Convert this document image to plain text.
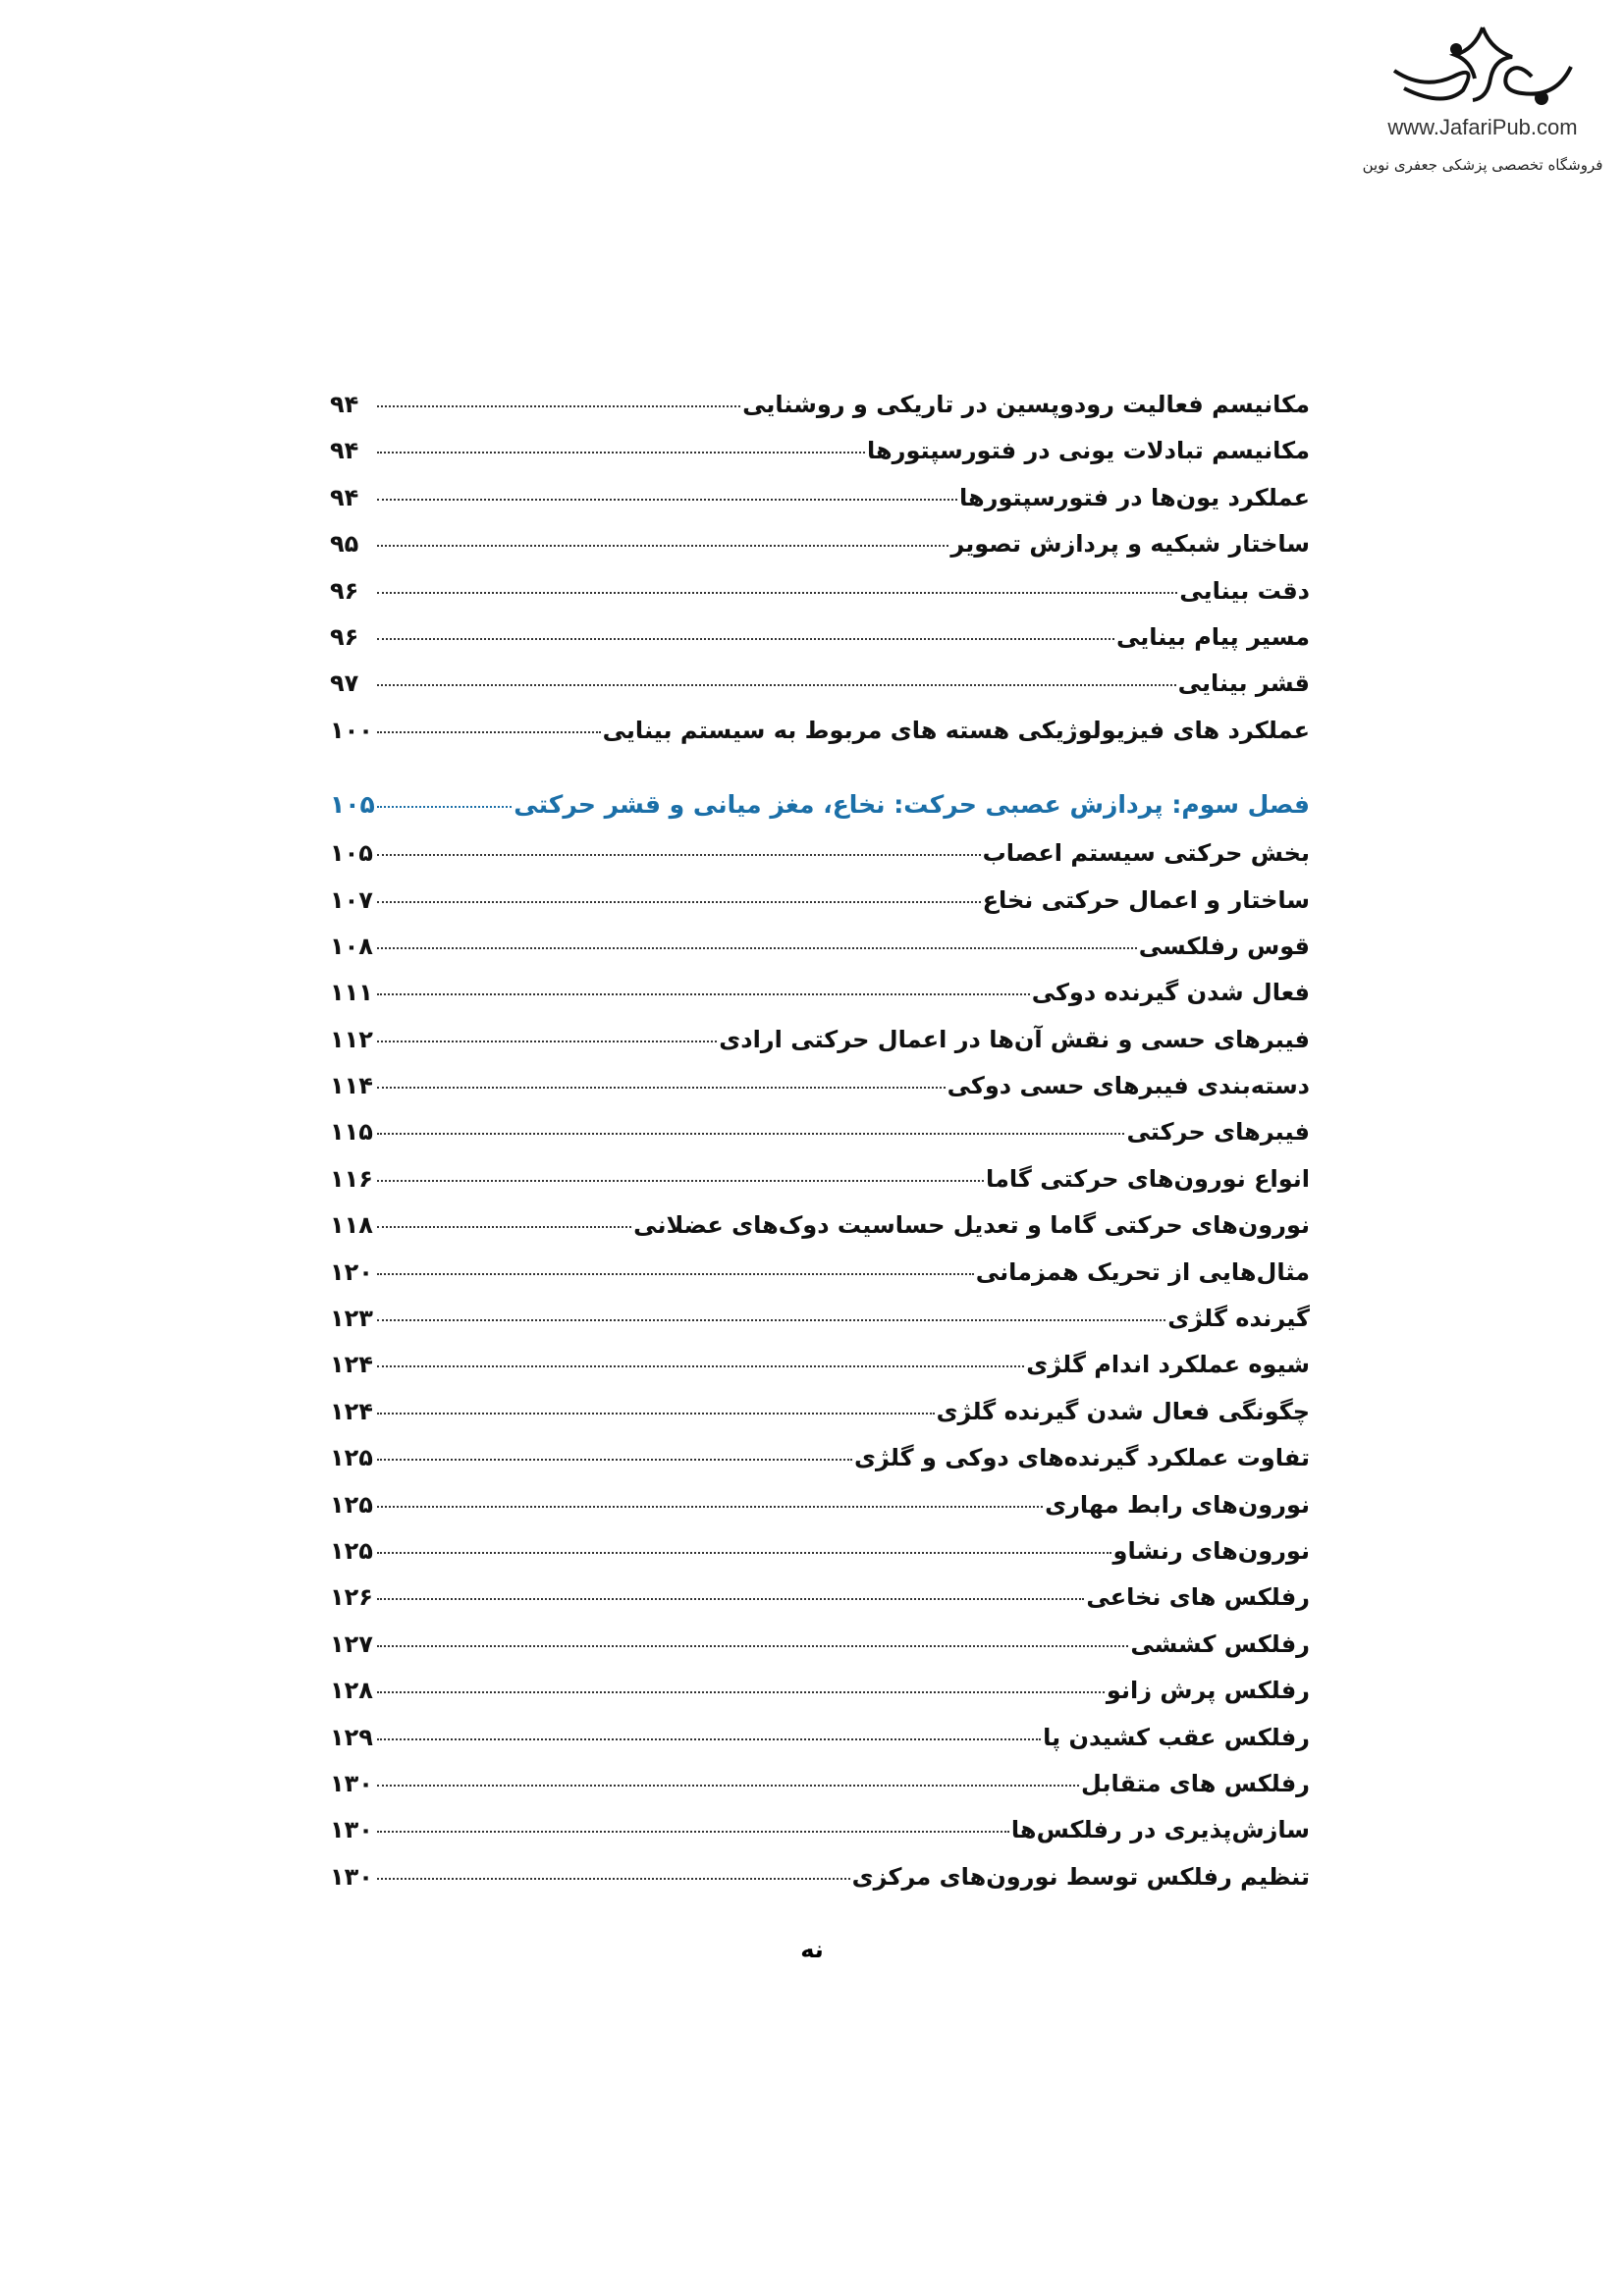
www.JafariPub.com
فروشگاه تخصصی پزشکی جعفری نوین
مکانیسم فعالیت رودوپسین در تاریکی و روشنایی
۹۴
مکانیسم تبادلات یونی در فتورسپتورها
۹۴
عملکرد یون‌ها در فتورسپتورها
۹۴
ساختار شبکیه و پردازش تصویر
۹۵
دقت بینایی
۹۶
مسیر پیام بینایی
۹۶
قشر بینایی
۹۷
عملکرد های فیزیولوژیکی هسته های مربوط به سیستم بینایی
۱۰۰
فصل سوم: پردازش عصبی حرکت: نخاع، مغز میانی و قشر حرکتی
۱۰۵
بخش حرکتی سیستم اعصاب
۱۰۵
ساختار و اعمال حرکتی نخاع
۱۰۷
قوس رفلکسی
۱۰۸
فعال شدن گیرنده دوکی
۱۱۱
فیبرهای حسی و نقش آن‌ها در اعمال حرکتی ارادی
۱۱۲
دسته‌بندی فیبرهای حسی دوکی
۱۱۴
فیبرهای حرکتی
۱۱۵
انواع نورون‌های حرکتی گاما
۱۱۶
نورون‌های حرکتی گاما و تعدیل حساسیت دوک‌های عضلانی
۱۱۸
مثال‌هایی از تحریک همزمانی
۱۲۰
گیرنده گلژی
۱۲۳
شیوه عملکرد اندام گلژی
۱۲۴
چگونگی فعال شدن گیرنده گلژی
۱۲۴
تفاوت عملکرد گیرنده‌های دوکی و گلژی
۱۲۵
نورون‌های رابط مهاری
۱۲۵
نورون‌های رنشاو
۱۲۵
رفلکس های نخاعی
۱۲۶
رفلکس کششی
۱۲۷
رفلکس پرش زانو
۱۲۸
رفلکس عقب کشیدن پا
۱۲۹
رفلکس های متقابل
۱۳۰
سازش‌پذیری در رفلکس‌ها
۱۳۰
تنظیم رفلکس توسط نورون‌های مرکزی
۱۳۰
نه
